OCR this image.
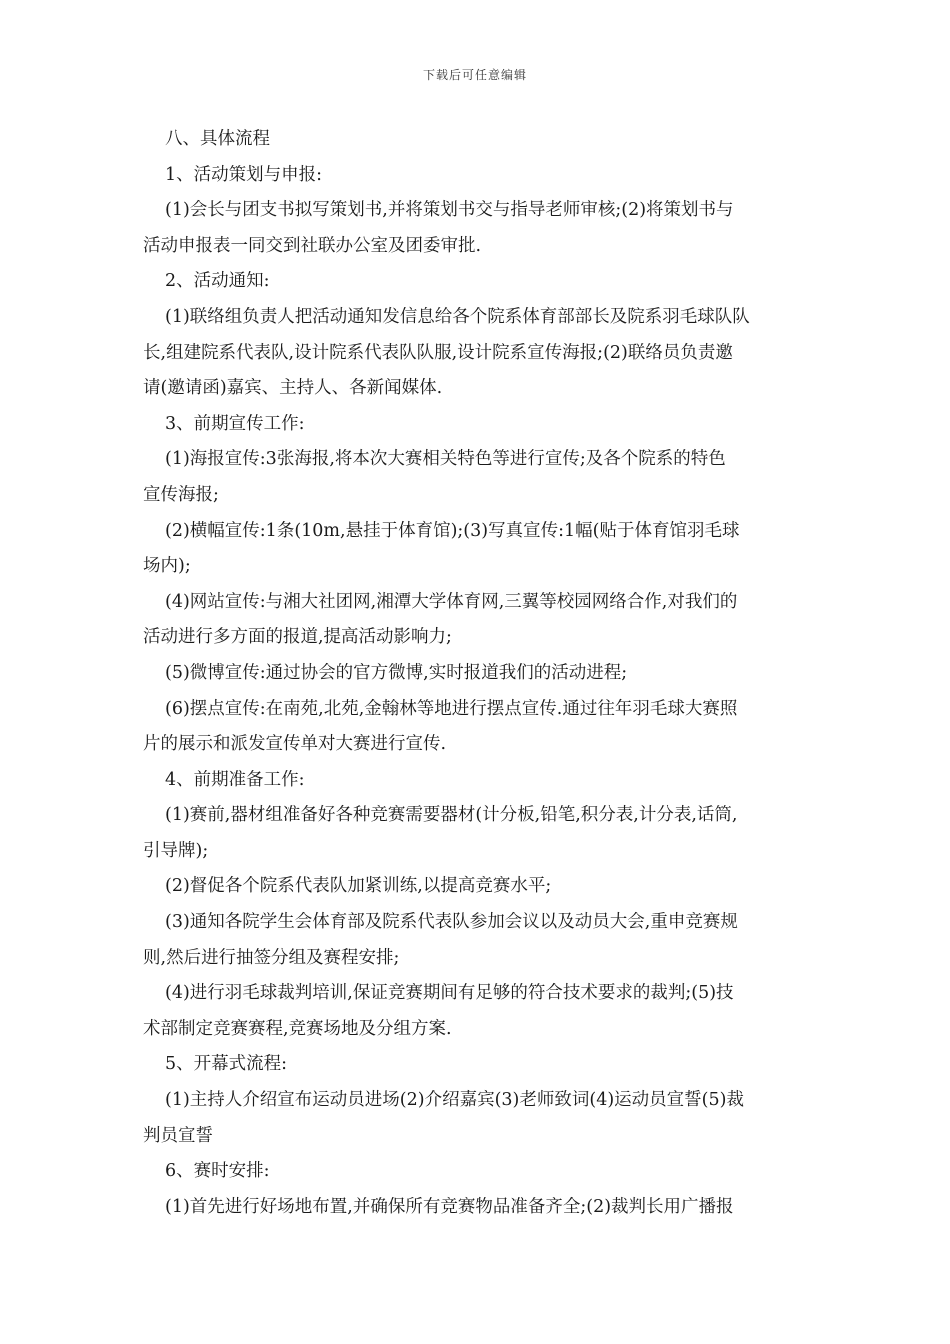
下载后可任意编辑
八、具体流程
1、活动策划与申报:
(1)会长与团支书拟写策划书,并将策划书交与指导老师审核;(2)将策划书与
活动申报表一同交到社联办公室及团委审批.
2、活动通知:
(1)联络组负责人把活动通知发信息给各个院系体育部部长及院系羽毛球队队
长,组建院系代表队,设计院系代表队队服,设计院系宣传海报;(2)联络员负责邀
请(邀请函)嘉宾、主持人、各新闻媒体.
3、前期宣传工作:
(1)海报宣传:3张海报,将本次大赛相关特色等进行宣传;及各个院系的特色
宣传海报;
(2)横幅宣传:1条(10m,悬挂于体育馆);(3)写真宣传:1幅(贴于体育馆羽毛球
场内);
(4)网站宣传:与湘大社团网,湘潭大学体育网,三翼等校园网络合作,对我们的
活动进行多方面的报道,提高活动影响力;
(5)微博宣传:通过协会的官方微博,实时报道我们的活动进程;
(6)摆点宣传:在南苑,北苑,金翰林等地进行摆点宣传.通过往年羽毛球大赛照
片的展示和派发宣传单对大赛进行宣传.
4、前期准备工作:
(1)赛前,器材组准备好各种竞赛需要器材(计分板,铅笔,积分表,计分表,话筒,
引导牌);
(2)督促各个院系代表队加紧训练,以提高竞赛水平;
(3)通知各院学生会体育部及院系代表队参加会议以及动员大会,重申竞赛规
则,然后进行抽签分组及赛程安排;
(4)进行羽毛球裁判培训,保证竞赛期间有足够的符合技术要求的裁判;(5)技
术部制定竞赛赛程,竞赛场地及分组方案.
5、开幕式流程:
(1)主持人介绍宣布运动员进场(2)介绍嘉宾(3)老师致词(4)运动员宣誓(5)裁
判员宣誓
6、赛时安排:
(1)首先进行好场地布置,并确保所有竞赛物品准备齐全;(2)裁判长用广播报
